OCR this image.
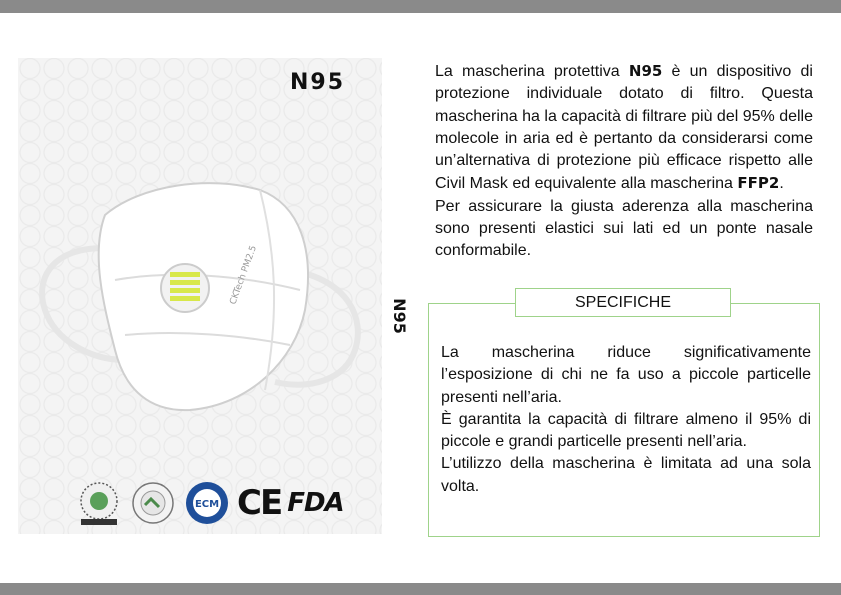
N95
CKTech PM2.5
ECM CE FDA
N95

La mascherina protettiva N95 è un dispositivo di protezione individuale dotato di filtro. Questa mascherina ha la capacità di filtrare più del 95% delle molecole in aria ed è pertanto da considerarsi come un’alternativa di protezione più efficace rispetto alle Civil Mask ed equivalente alla mascherina FFP2.

Per assicurare la giusta aderenza alla mascherina sono presenti elastici sui lati ed un ponte nasale conformabile.

SPECIFICHE

La mascherina riduce significativamente l’esposizione di chi ne fa uso a piccole particelle presenti nell’aria.

È garantita la capacità di filtrare almeno il 95% di piccole e grandi particelle presenti nell’aria.

L’utilizzo della mascherina è limitata ad una sola volta.
